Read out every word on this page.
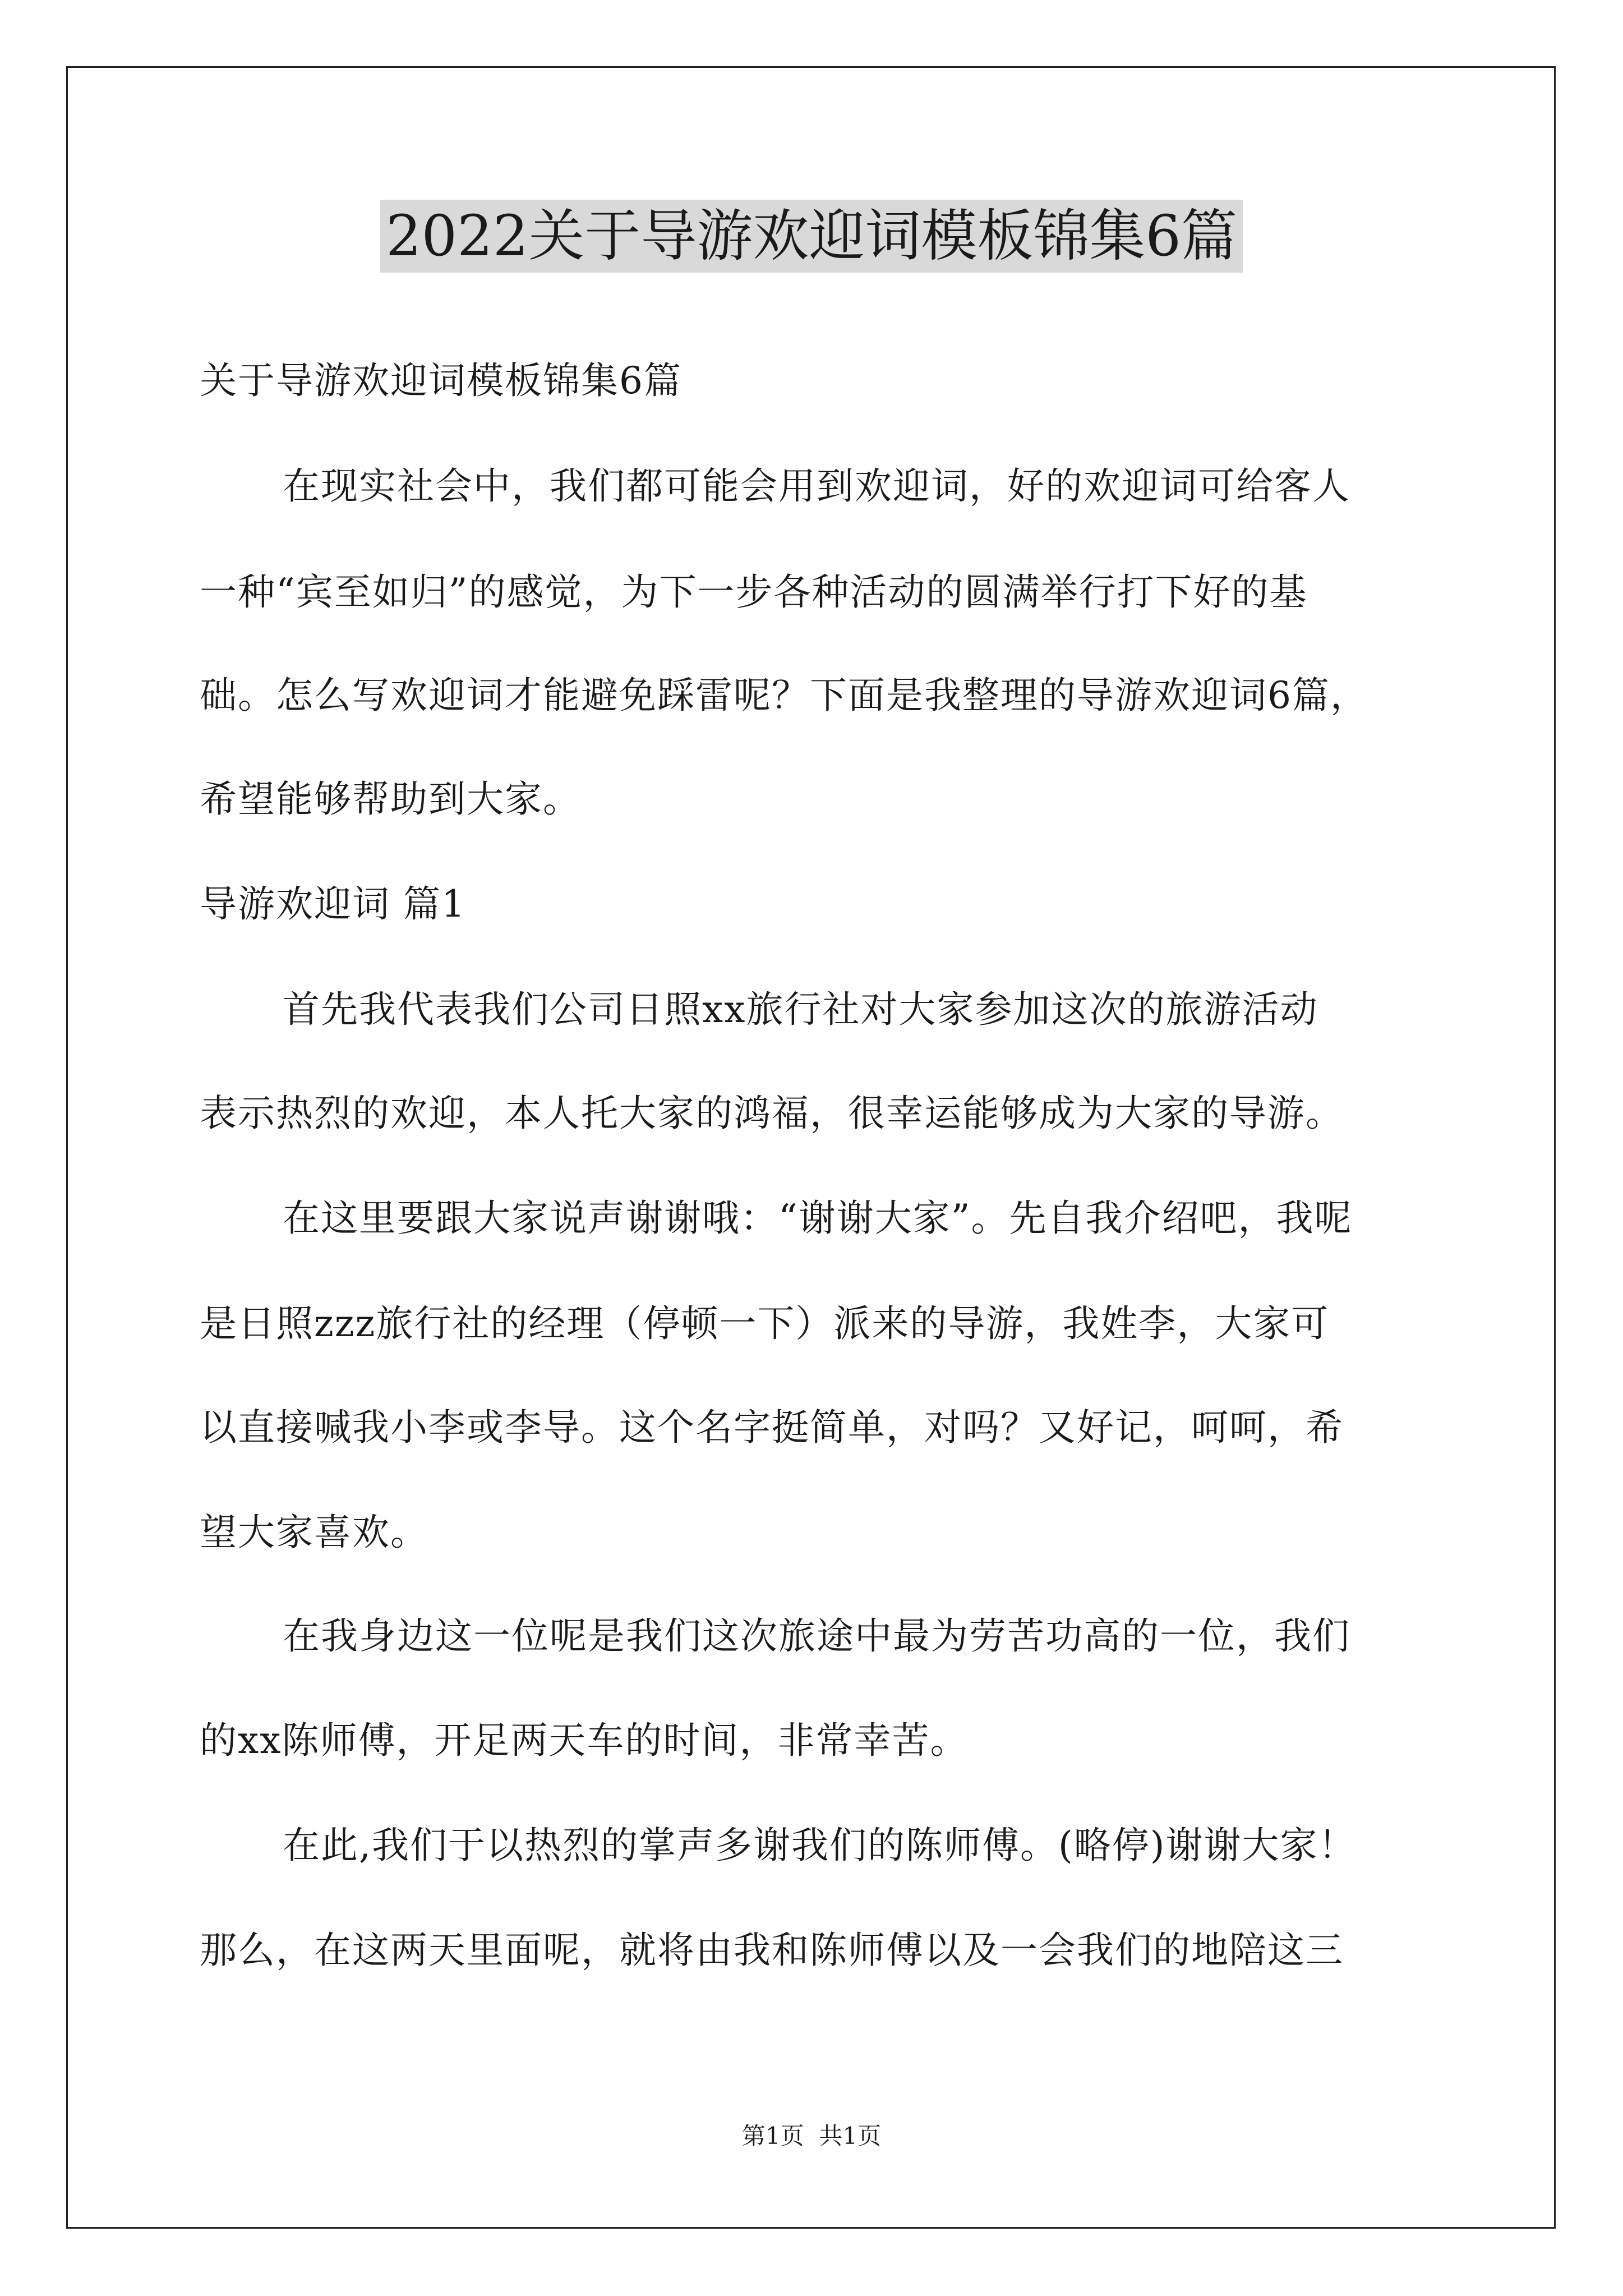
2022关于导游欢迎词模板锦集6篇
关于导游欢迎词模板锦集6篇
在现实社会中，我们都可能会用到欢迎词，好的欢迎词可给客人
一种“宾至如归”的感觉，为下一步各种活动的圆满举行打下好的基
础。怎么写欢迎词才能避免踩雷呢？下面是我整理的导游欢迎词6篇，
希望能够帮助到大家。
导游欢迎词 篇1
首先我代表我们公司日照xx旅行社对大家参加这次的旅游活动
表示热烈的欢迎，本人托大家的鸿福，很幸运能够成为大家的导游。
在这里要跟大家说声谢谢哦：“谢谢大家”。先自我介绍吧，我呢
是日照zzz旅行社的经理（停顿一下）派来的导游，我姓李，大家可
以直接喊我小李或李导。这个名字挺简单，对吗？又好记，呵呵，希
望大家喜欢。
在我身边这一位呢是我们这次旅途中最为劳苦功高的一位，我们
的xx陈师傅，开足两天车的时间，非常幸苦。
在此,我们于以热烈的掌声多谢我们的陈师傅。(略停)谢谢大家！
那么，在这两天里面呢，就将由我和陈师傅以及一会我们的地陪这三
第1页  共1页
